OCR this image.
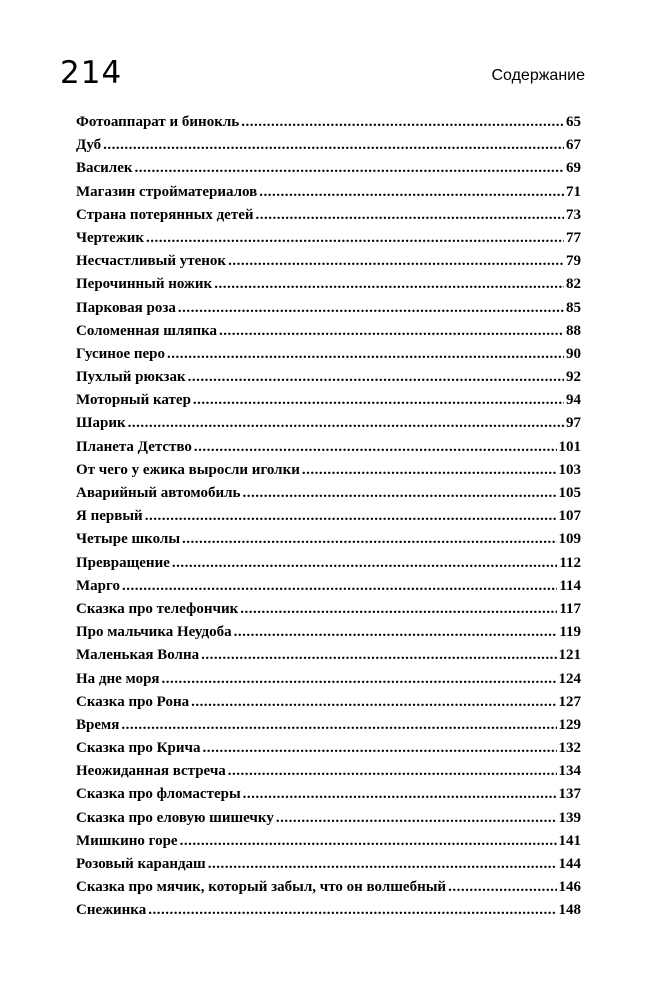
214	Содержание
Фотоаппарат и бинокль .....	65
Дуб .....	67
Василек .....	69
Магазин стройматериалов .....	71
Страна потерянных детей .....	73
Чертежик .....	77
Несчастливый утенок .....	79
Перочинный ножик .....	82
Парковая роза .....	85
Соломенная шляпка .....	88
Гусиное перо .....	90
Пухлый рюкзак .....	92
Моторный катер .....	94
Шарик .....	97
Планета Детство .....	101
От чего у ежика выросли иголки .....	103
Аварийный автомобиль .....	105
Я первый .....	107
Четыре школы .....	109
Превращение .....	112
Марго .....	114
Сказка про телефончик .....	117
Про мальчика Неудоба .....	119
Маленькая Волна .....	121
На дне моря .....	124
Сказка про Рона .....	127
Время .....	129
Сказка про Крича .....	132
Неожиданная встреча .....	134
Сказка про фломастеры .....	137
Сказка про еловую шишечку .....	139
Мишкино горе .....	141
Розовый карандаш .....	144
Сказка про мячик, который забыл, что он волшебный .....	146
Снежинка .....	148
